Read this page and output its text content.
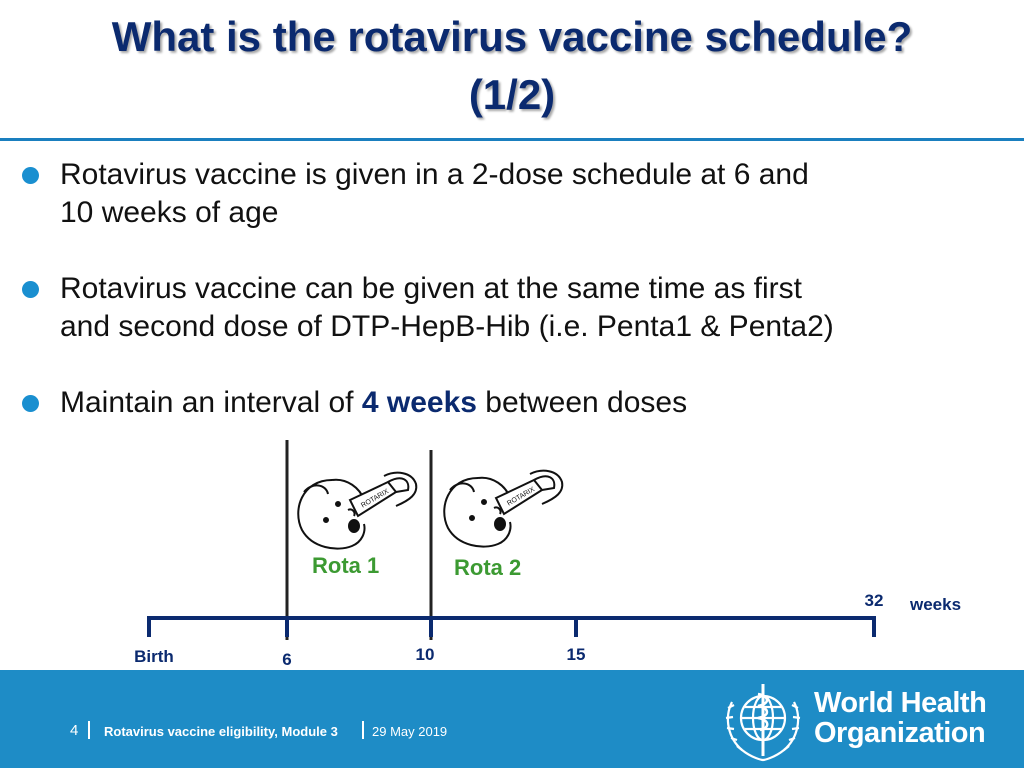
What is the rotavirus vaccine schedule?
(1/2)
Rotavirus vaccine is given in a 2-dose schedule at 6 and
10 weeks of age
Rotavirus vaccine can be given at the same time as first
and second dose of DTP-HepB-Hib (i.e. Penta1 & Penta2)
Maintain an interval of 4 weeks between doses
ROTARIX	ROTARIX
Rota 1	Rota 2
Birth	6	10	15
32 weeks
4 Rotavirus vaccine eligibility, Module 3	29 May 2019
World Health
Organization
